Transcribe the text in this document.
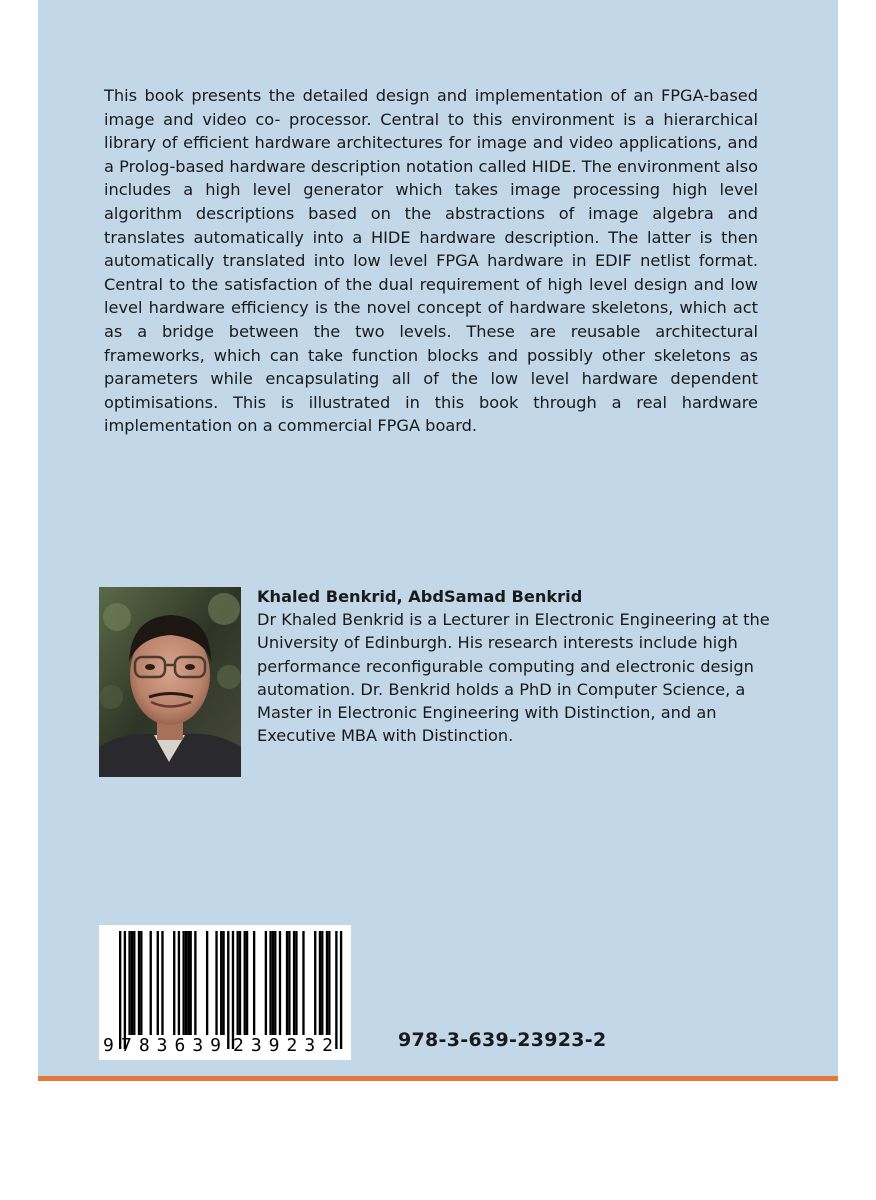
This book presents the detailed design and implementation of an FPGA-based image and video co- processor. Central to this environment is a hierarchical library of efficient hardware architectures for image and video applications, and a Prolog-based hardware description notation called HIDE. The environment also includes a high level generator which takes image processing high level algorithm descriptions based on the abstractions of image algebra and translates automatically into a HIDE hardware description. The latter is then automatically translated into low level FPGA hardware in EDIF netlist format. Central to the satisfaction of the dual requirement of high level design and low level hardware efficiency is the novel concept of hardware skeletons, which act as a bridge between the two levels. These are reusable architectural frameworks, which can take function blocks and possibly other skeletons as parameters while encapsulating all of the low level hardware dependent optimisations. This is illustrated in this book through a real hardware implementation on a commercial FPGA board.

Khaled Benkrid, AbdSamad Benkrid

Dr Khaled Benkrid is a Lecturer in Electronic Engineering at the University of Edinburgh. His research interests include high performance reconfigurable computing and electronic design automation. Dr. Benkrid holds a PhD in Computer Science, a Master in Electronic Engineering with Distinction, and an Executive MBA with Distinction.

9 783639 239232	978-3-639-23923-2
